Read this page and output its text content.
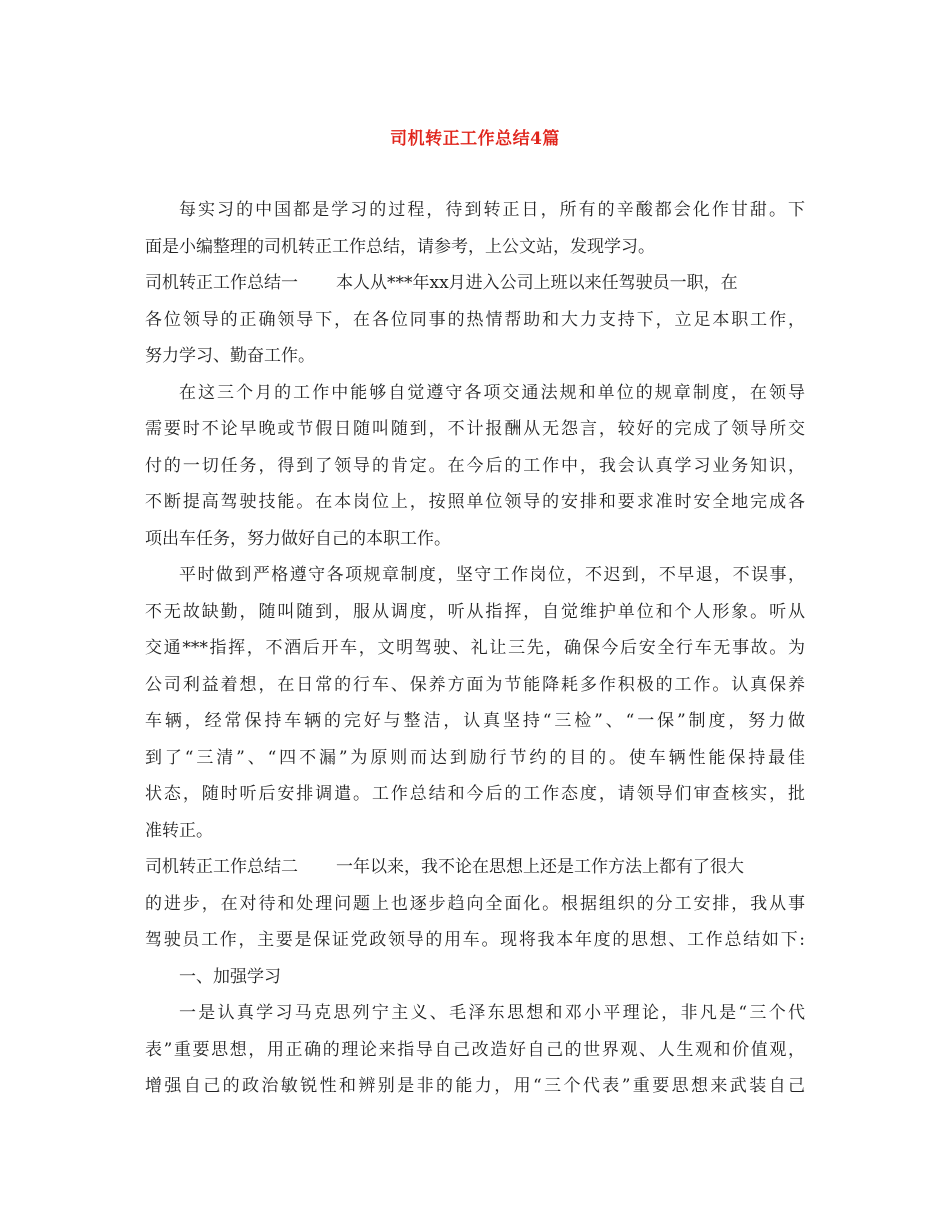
司机转正工作总结4篇
每实习的中国都是学习的过程，待到转正日，所有的辛酸都会化作甘甜。下
面是小编整理的司机转正工作总结，请参考，上公文站，发现学习。
司机转正工作总结一 本人从***年xx月进入公司上班以来任驾驶员一职，在
各位领导的正确领导下，在各位同事的热情帮助和大力支持下，立足本职工作，
努力学习、勤奋工作。
在这三个月的工作中能够自觉遵守各项交通法规和单位的规章制度，在领导
需要时不论早晚或节假日随叫随到，不计报酬从无怨言，较好的完成了领导所交
付的一切任务，得到了领导的肯定。在今后的工作中，我会认真学习业务知识，
不断提高驾驶技能。在本岗位上，按照单位领导的安排和要求准时安全地完成各
项出车任务，努力做好自己的本职工作。
平时做到严格遵守各项规章制度，坚守工作岗位，不迟到，不早退，不误事，
不无故缺勤，随叫随到，服从调度，听从指挥，自觉维护单位和个人形象。听从
交通***指挥，不酒后开车，文明驾驶、礼让三先，确保今后安全行车无事故。为
公司利益着想，在日常的行车、保养方面为节能降耗多作积极的工作。认真保养
车辆，经常保持车辆的完好与整洁，认真坚持“三检”、“一保”制度，努力做
到了“三清”、“四不漏”为原则而达到励行节约的目的。使车辆性能保持最佳
状态，随时听后安排调遣。工作总结和今后的工作态度，请领导们审查核实，批
准转正。
司机转正工作总结二 一年以来，我不论在思想上还是工作方法上都有了很大
的进步，在对待和处理问题上也逐步趋向全面化。根据组织的分工安排，我从事
驾驶员工作，主要是保证党政领导的用车。现将我本年度的思想、工作总结如下:
一、加强学习
一是认真学习马克思列宁主义、毛泽东思想和邓小平理论，非凡是“三个代
表”重要思想，用正确的理论来指导自己改造好自己的世界观、人生观和价值观，
增强自己的政治敏锐性和辨别是非的能力，用“三个代表”重要思想来武装自己
